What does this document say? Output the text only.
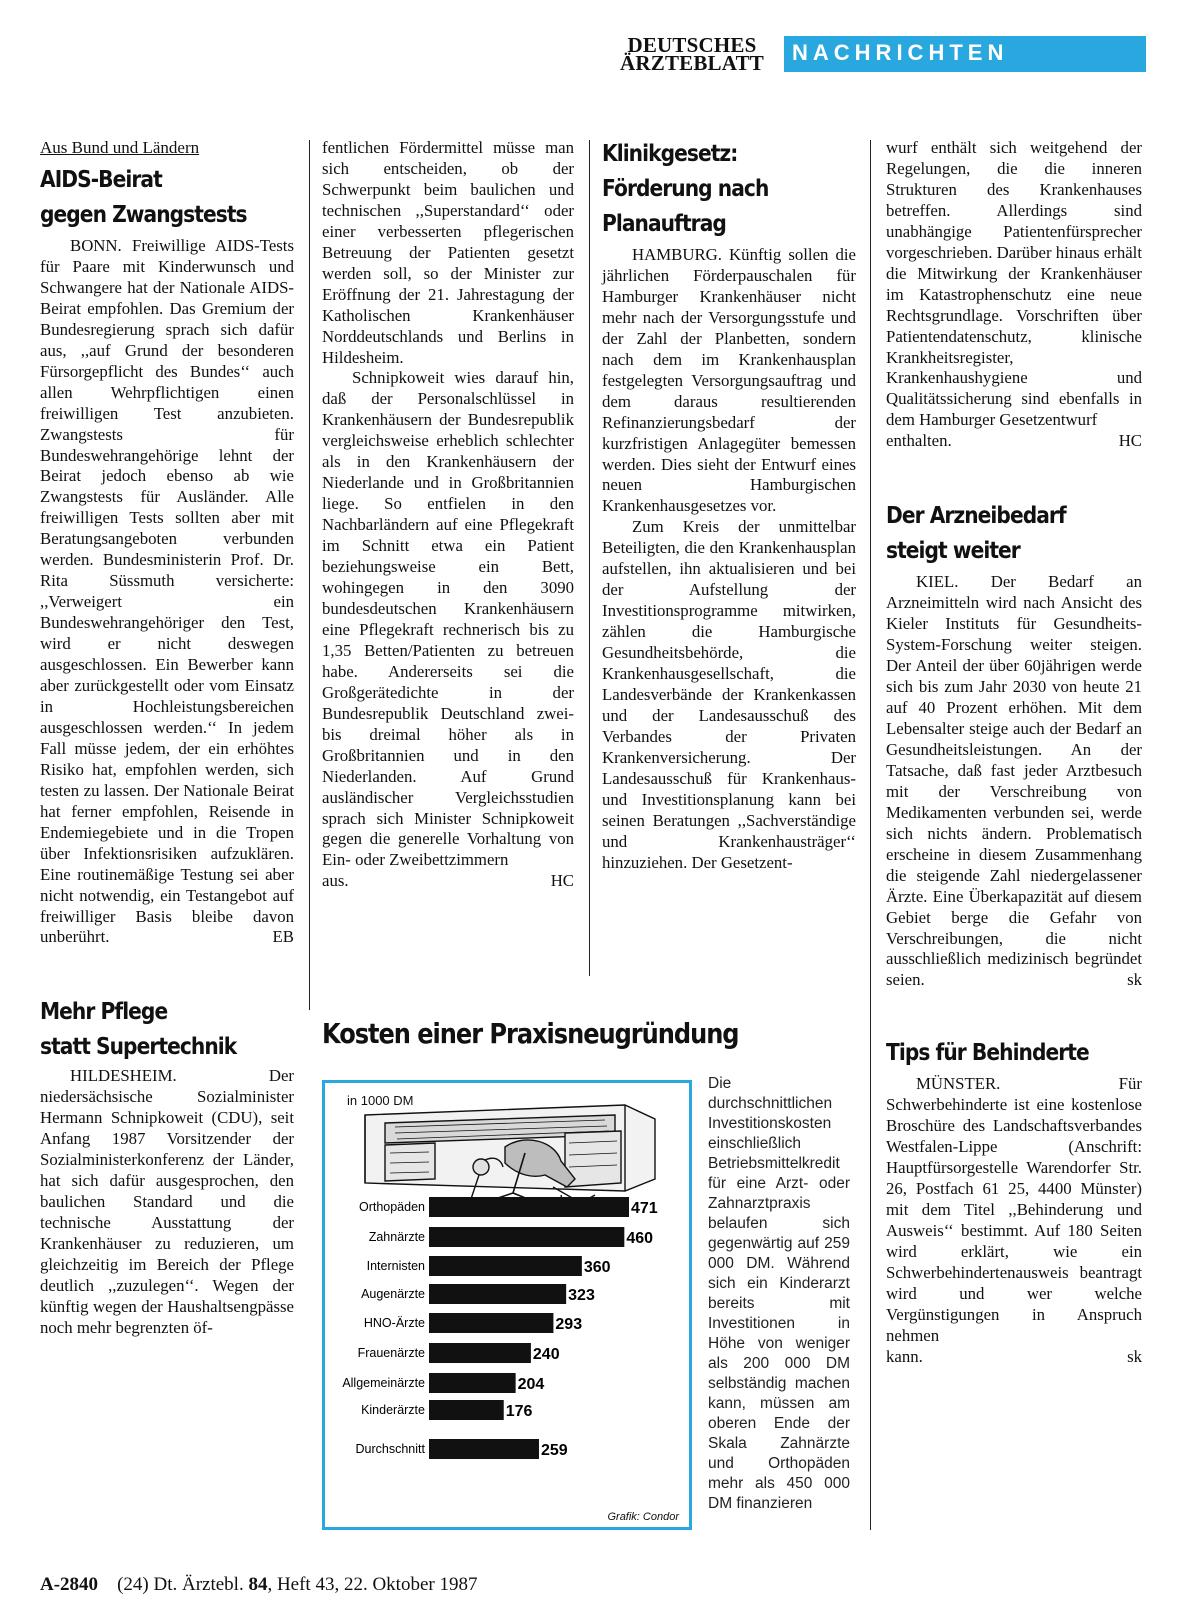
DEUTSCHES
ÄRZTEBLATT	NACHRICHTEN
Aus Bund und Ländern
AIDS-Beirat
gegen Zwangstests

BONN. Freiwillige AIDS-Tests für Paare mit Kinderwunsch und Schwangere hat der Nationale AIDS-Beirat empfohlen. Das Gremium der Bundesregierung sprach sich dafür aus, ,,auf Grund der besonderen Fürsorgepflicht des Bundes‘‘ auch allen Wehrpflichtigen einen freiwilligen Test anzubieten. Zwangstests für Bundeswehrangehörige lehnt der Beirat jedoch ebenso ab wie Zwangstests für Ausländer. Alle freiwilligen Tests sollten aber mit Beratungsangeboten verbunden werden. Bundesministerin Prof. Dr. Rita Süssmuth versicherte: ,,Verweigert ein Bundeswehrangehöriger den Test, wird er nicht deswegen ausgeschlossen. Ein Bewerber kann aber zurückgestellt oder vom Einsatz in Hochleistungsbereichen ausgeschlossen werden.‘‘ In jedem Fall müsse jedem, der ein erhöhtes Risiko hat, empfohlen werden, sich testen zu lassen. Der Nationale Beirat hat ferner empfohlen, Reisende in Endemiegebiete und in die Tropen über Infektionsrisiken aufzuklären. Eine routinemäßige Testung sei aber nicht notwendig, ein Testangebot auf freiwilliger Basis bleibe davon unberührt.	EB

Mehr Pflege
statt Supertechnik

HILDESHEIM. Der niedersächsische Sozialminister Hermann Schnipkoweit (CDU), seit Anfang 1987 Vorsitzender der Sozialministerkonferenz der Länder, hat sich dafür ausgesprochen, den baulichen Standard und die technische Ausstattung der Krankenhäuser zu reduzieren, um gleichzeitig im Bereich der Pflege deutlich ,,zuzulegen‘‘. Wegen der künftig wegen der Haushaltsengpässe noch mehr begrenzten öf-

fentlichen Fördermittel müsse man sich entscheiden, ob der Schwerpunkt beim baulichen und technischen ,,Superstandard‘‘ oder einer verbesserten pflegerischen Betreuung der Patienten gesetzt werden soll, so der Minister zur Eröffnung der 21. Jahrestagung der Katholischen Krankenhäuser Norddeutschlands und Berlins in Hildesheim.

Schnipkoweit wies darauf hin, daß der Personalschlüssel in Krankenhäusern der Bundesrepublik vergleichsweise erheblich schlechter als in den Krankenhäusern der Niederlande und in Großbritannien liege. So entfielen in den Nachbarländern auf eine Pflegekraft im Schnitt etwa ein Patient beziehungsweise ein Bett, wohingegen in den 3090 bundesdeutschen Krankenhäusern eine Pflegekraft rechnerisch bis zu 1,35 Betten/Patienten zu betreuen habe. Andererseits sei die Großgerätedichte in der Bundesrepublik Deutschland zwei- bis dreimal höher als in Großbritannien und in den Niederlanden. Auf Grund ausländischer Vergleichsstudien sprach sich Minister Schnipkoweit gegen die generelle Vorhaltung von Ein- oder Zweibettzimmern

aus.	HC
Klinikgesetz:
Förderung nach
Planauftrag

HAMBURG. Künftig sollen die jährlichen Förderpauschalen für Hamburger Krankenhäuser nicht mehr nach der Versorgungsstufe und der Zahl der Planbetten, sondern nach dem im Krankenhausplan festgelegten Versorgungsauftrag und dem daraus resultierenden Refinanzierungsbedarf der kurzfristigen Anlagegüter bemessen werden. Dies sieht der Entwurf eines neuen Hamburgischen Krankenhausgesetzes vor.

Zum Kreis der unmittelbar Beteiligten, die den Krankenhausplan aufstellen, ihn aktualisieren und bei der Aufstellung der Investitionsprogramme mitwirken, zählen die Hamburgische Gesundheitsbehörde, die Krankenhausgesellschaft, die Landesverbände der Krankenkassen und der Landesausschuß des Verbandes der Privaten Krankenversicherung. Der Landesausschuß für Krankenhaus- und Investitionsplanung kann bei seinen Beratungen ,,Sachverständige und Krankenhausträger‘‘ hinzuziehen. Der Gesetzent-

wurf enthält sich weitgehend der Regelungen, die die inneren Strukturen des Krankenhauses betreffen. Allerdings sind unabhängige Patientenfürsprecher vorgeschrieben. Darüber hinaus erhält die Mitwirkung der Krankenhäuser im Katastrophenschutz eine neue Rechtsgrundlage. Vorschriften über Patientendatenschutz, klinische Krankheitsregister, Krankenhaushygiene und Qualitätssicherung sind ebenfalls in dem Hamburger Gesetzentwurf

enthalten.	HC
Der Arzneibedarf
steigt weiter

KIEL. Der Bedarf an Arzneimitteln wird nach Ansicht des Kieler Instituts für Gesundheits-System-Forschung weiter steigen. Der Anteil der über 60jährigen werde sich bis zum Jahr 2030 von heute 21 auf 40 Prozent erhöhen. Mit dem Lebensalter steige auch der Bedarf an Gesundheitsleistungen. An der Tatsache, daß fast jeder Arztbesuch mit der Verschreibung von Medikamenten verbunden sei, werde sich nichts ändern. Problematisch erscheine in diesem Zusammenhang die steigende Zahl niedergelassener Ärzte. Eine Überkapazität auf diesem Gebiet berge die Gefahr von Verschreibungen, die nicht ausschließlich medizinisch begründet seien.	sk

Tips für Behinderte

MÜNSTER. Für Schwerbehinderte ist eine kostenlose Broschüre des Landschaftsverbandes Westfalen-Lippe (Anschrift: Hauptfürsorgestelle Warendorfer Str. 26, Postfach 61 25, 4400 Münster) mit dem Titel ,,Behinderung und Ausweis‘‘ bestimmt. Auf 180 Seiten wird erklärt, wie ein Schwerbehindertenausweis beantragt wird und wer welche Vergünstigungen in Anspruch nehmen

kann.	sk
Kosten einer Praxisneugründung
in 1000 DM
Orthopäden	471
Zahnärzte	460
Internisten	360
Augenärzte	323
HNO-Ärzte	293
Frauenärzte	240
Allgemeinärzte	204
Kinderärzte	176
Durchschnitt	259
Grafik: Condor
Die durchschnittlichen Investitionskosten einschließlich Betriebsmittelkredit für eine Arzt- oder Zahnarztpraxis belaufen sich gegenwärtig auf 259 000 DM. Während sich ein Kinderarzt bereits mit Investitionen in Höhe von weniger als 200 000 DM selbständig machen kann, müssen am oberen Ende der Skala Zahnärzte und Orthopäden mehr als 450 000 DM finanzieren
A-2840 (24) Dt. Ärztebl. 84, Heft 43, 22. Oktober 1987
